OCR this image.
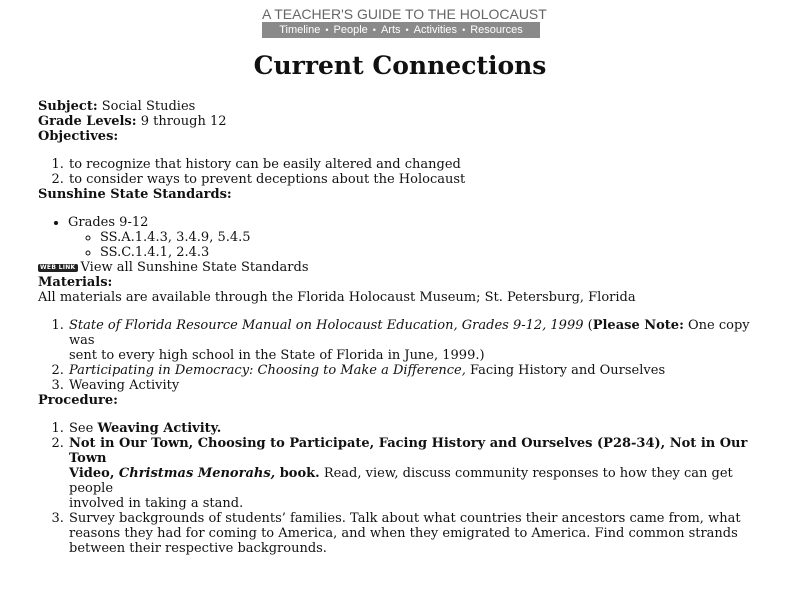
A TEACHER'S GUIDE TO THE HOLOCAUST
Timeline • People • Arts • Activities • Resources
Current Connections

Subject: Social Studies

Grade Levels: 9 through 12

Objectives:

1. to recognize that history can be easily altered and changed
2. to consider ways to prevent deceptions about the Holocaust

Sunshine State Standards:

• Grades 9-12
◦ SS.A.1.4.3, 3.4.9, 5.4.5
◦ SS.C.1.4.1, 2.4.3

WEB LINK View all Sunshine State Standards

Materials:

All materials are available through the Florida Holocaust Museum; St. Petersburg, Florida

1. State of Florida Resource Manual on Holocaust Education, Grades 9-12, 1999 (Please Note: One copy was
sent to every high school in the State of Florida in June, 1999.)
2. Participating in Democracy: Choosing to Make a Difference, Facing History and Ourselves
3. Weaving Activity

Procedure:

1. See Weaving Activity.
2. Not in Our Town, Choosing to Participate, Facing History and Ourselves (P28-34), Not in Our Town
Video, Christmas Menorahs, book. Read, view, discuss community responses to how they can get people
involved in taking a stand.
3. Survey backgrounds of students’ families. Talk about what countries their ancestors came from, what
reasons they had for coming to America, and when they emigrated to America. Find common strands
between their respective backgrounds.
